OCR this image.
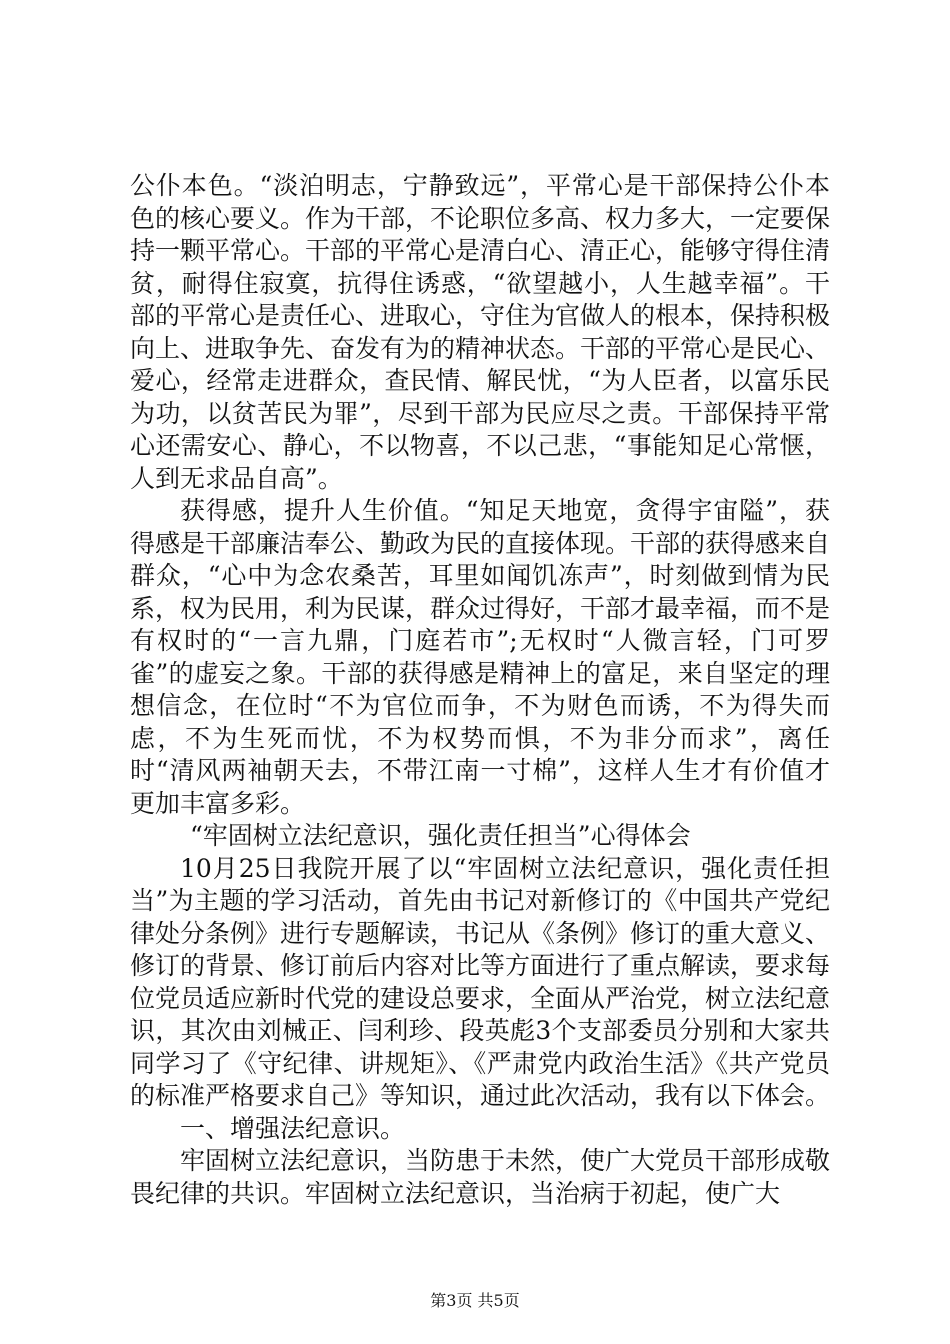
公仆本色。“淡泊明志，宁静致远”，平常心是干部保持公仆本色的核心要义。作为干部，不论职位多高、权力多大，一定要保持一颗平常心。干部的平常心是清白心、清正心，能够守得住清贫，耐得住寂寞，抗得住诱惑，“欲望越小，人生越幸福”。干部的平常心是责任心、进取心，守住为官做人的根本，保持积极向上、进取争先、奋发有为的精神状态。干部的平常心是民心、爱心，经常走进群众，查民情、解民忧，“为人臣者，以富乐民为功，以贫苦民为罪”，尽到干部为民应尽之责。干部保持平常心还需安心、静心，不以物喜，不以己悲，“事能知足心常惬，人到无求品自高”。

获得感，提升人生价值。“知足天地宽，贪得宇宙隘”，获得感是干部廉洁奉公、勤政为民的直接体现。干部的获得感来自群众，“心中为念农桑苦，耳里如闻饥冻声”，时刻做到情为民系，权为民用，利为民谋，群众过得好，干部才最幸福，而不是有权时的“一言九鼎，门庭若市”;无权时“人微言轻，门可罗雀”的虚妄之象。干部的获得感是精神上的富足，来自坚定的理想信念，在位时“不为官位而争，不为财色而诱，不为得失而虑，不为生死而忧，不为权势而惧，不为非分而求”，离任时“清风两袖朝天去，不带江南一寸棉”，这样人生才有价值才更加丰富多彩。

“牢固树立法纪意识，强化责任担当”心得体会

10月25日我院开展了以“牢固树立法纪意识，强化责任担当”为主题的学习活动，首先由书记对新修订的《中国共产党纪律处分条例》进行专题解读，书记从《条例》修订的重大意义、修订的背景、修订前后内容对比等方面进行了重点解读，要求每位党员适应新时代党的建设总要求，全面从严治党，树立法纪意识，其次由刘械正、闫利珍、段英彪3个支部委员分别和大家共同学习了《守纪律、讲规矩》、《严肃党内政治生活》《共产党员的标准严格要求自己》等知识，通过此次活动，我有以下体会。

一、增强法纪意识。

牢固树立法纪意识，当防患于未然，使广大党员干部形成敬畏纪律的共识。牢固树立法纪意识，当治病于初起，使广大

第3页 共5页
